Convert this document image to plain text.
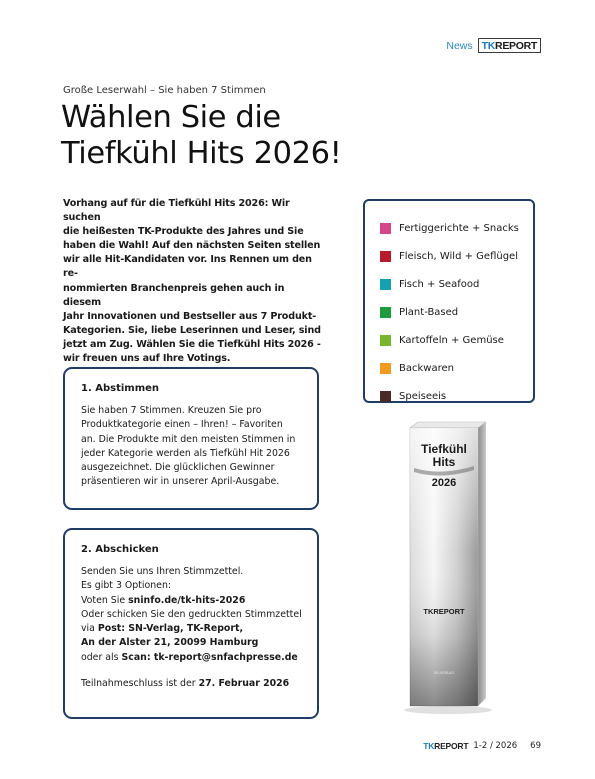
News TK REPORT
Große Leserwahl – Sie haben 7 Stimmen
Wählen Sie die
Tiefkühl Hits 2026!

Vorhang auf für die Tiefkühl Hits 2026: Wir suchen
die heißesten TK-Produkte des Jahres und Sie
haben die Wahl! Auf den nächsten Seiten stellen
wir alle Hit-Kandidaten vor. Ins Rennen um den re-
nommierten Branchenpreis gehen auch in diesem
Jahr Innovationen und Bestseller aus 7 Produkt-
Kategorien. Sie, liebe Leserinnen und Leser, sind
jetzt am Zug. Wählen Sie die Tiefkühl Hits 2026 -
wir freuen uns auf Ihre Votings.

Fertiggerichte + Snacks
Fleisch, Wild + Geflügel
Fisch + Seafood
Plant-Based
Kartoffeln + Gemüse
Backwaren
Speiseeis
1. Abstimmen

Sie haben 7 Stimmen. Kreuzen Sie pro
Produktkategorie einen – Ihren! – Favoriten
an. Die Produkte mit den meisten Stimmen in
jeder Kategorie werden als Tiefkühl Hit 2026
ausgezeichnet. Die glücklichen Gewinner
präsentieren wir in unserer April-Ausgabe.

2. Abschicken
Senden Sie uns Ihren Stimmzettel.
Es gibt 3 Optionen:
Voten Sie sninfo.de/tk-hits-2026
Oder schicken Sie den gedruckten Stimmzettel
via Post: SN-Verlag, TK-Report,
An der Alster 21, 20099 Hamburg
oder als Scan: tk-report@snfachpresse.de
Teilnahmeschluss ist der 27. Februar 2026
Tiefkühl
Hits
2026
TKREPORT
SN-VERLAG
TKREPORT 1-2 / 2026 69
